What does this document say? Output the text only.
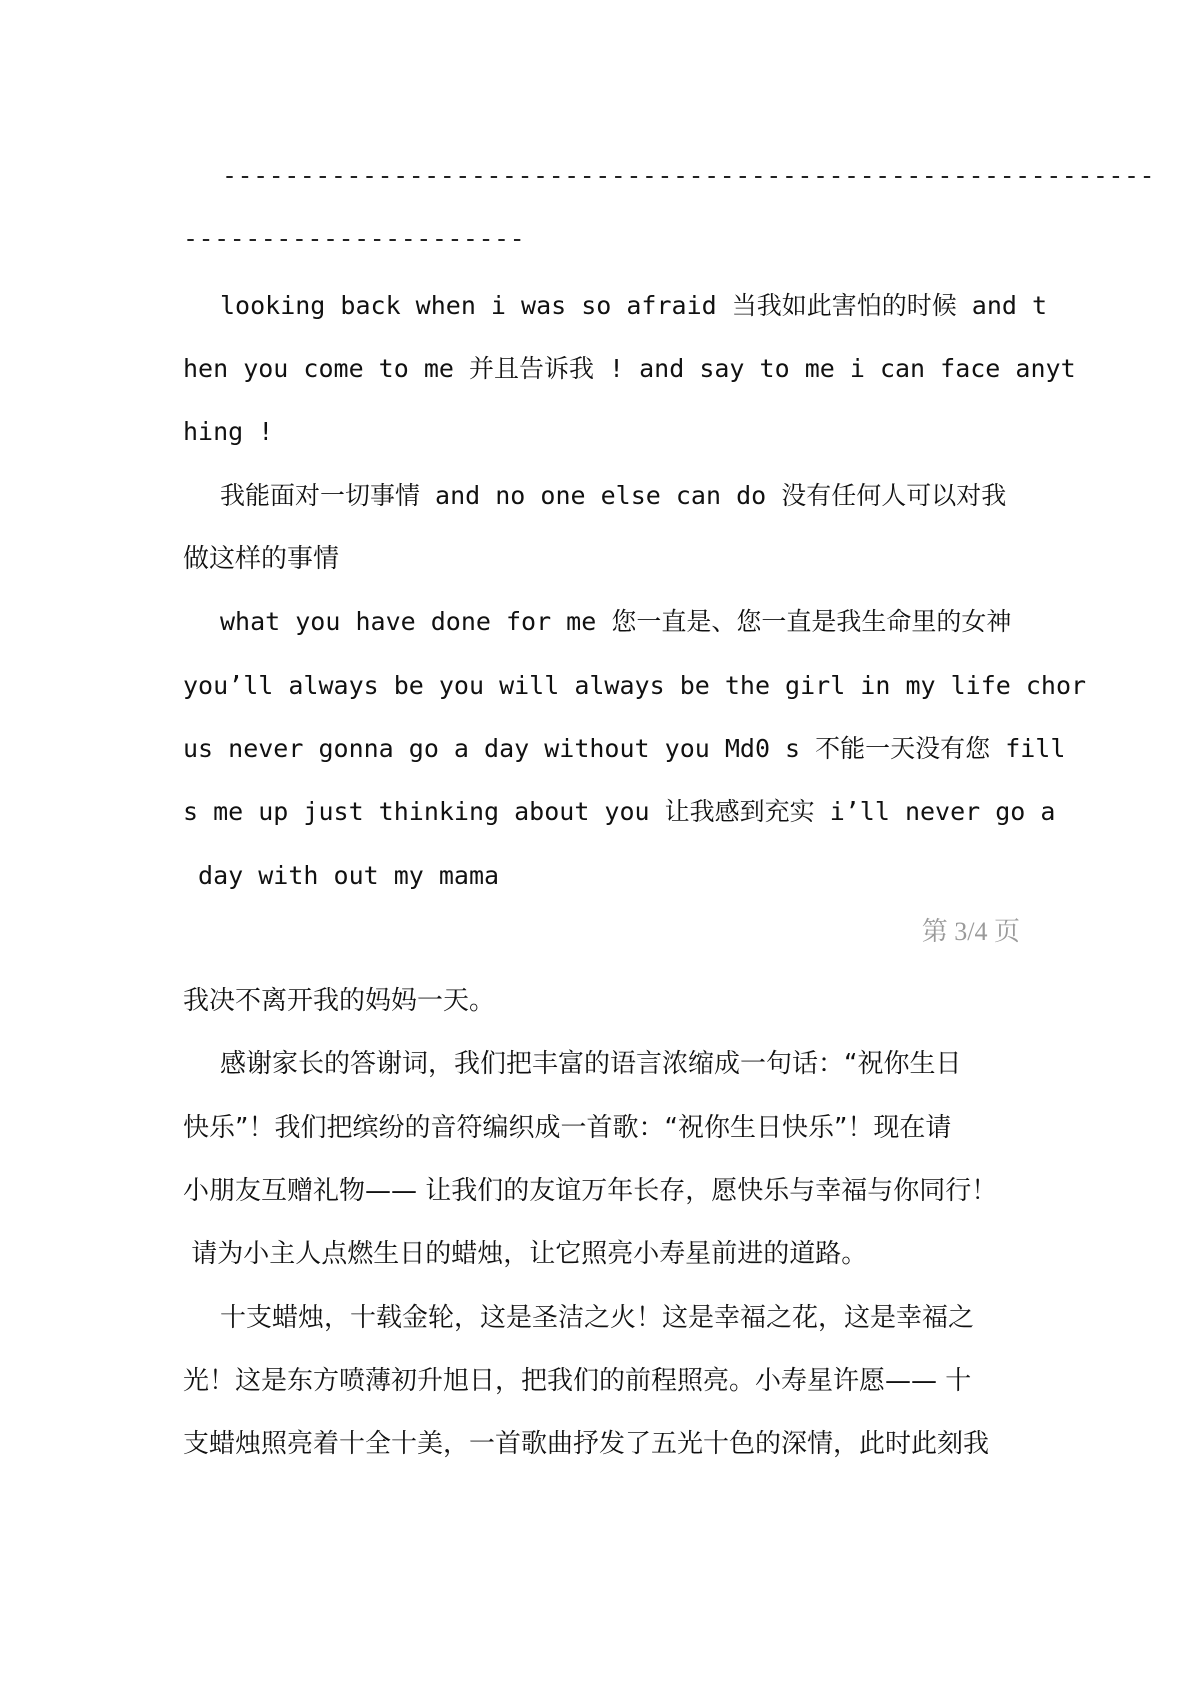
------------------------------------------------------------
----------------------
looking back when i was so afraid 当我如此害怕的时候 and t
hen you come to me 并且告诉我 ! and say to me i can face anyt
hing !
我能面对一切事情 and no one else can do 没有任何人可以对我
做这样的事情
what you have done for me 您一直是、您一直是我生命里的女神
you’ll always be you will always be the girl in my life chor
us never gonna go a day without you Md0 s 不能一天没有您 fill
s me up just thinking about you 让我感到充实 i’ll never go a
day with out my mama
第 3/4 页
我决不离开我的妈妈一天。
感谢家长的答谢词，我们把丰富的语言浓缩成一句话：“祝你生日
快乐”！我们把缤纷的音符编织成一首歌：“祝你生日快乐”！现在请
小朋友互赠礼物—— 让我们的友谊万年长存，愿快乐与幸福与你同行！
请为小主人点燃生日的蜡烛，让它照亮小寿星前进的道路。
十支蜡烛，十载金轮，这是圣洁之火！这是幸福之花，这是幸福之
光！这是东方喷薄初升旭日，把我们的前程照亮。小寿星许愿—— 十
支蜡烛照亮着十全十美，一首歌曲抒发了五光十色的深情，此时此刻我
